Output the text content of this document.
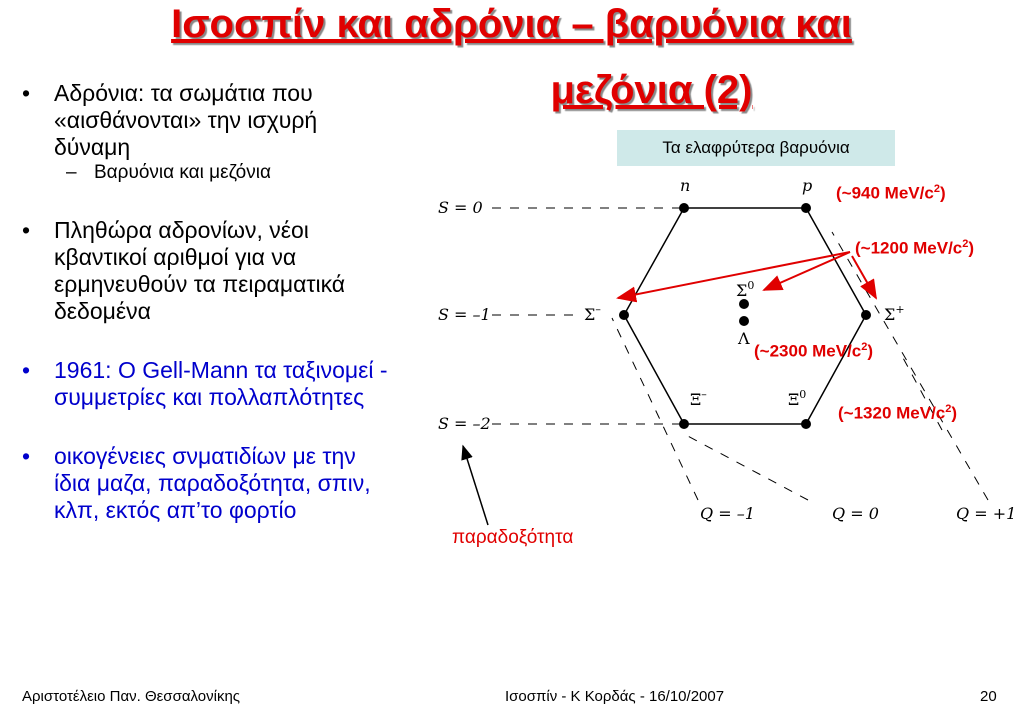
Ισοσπίν και αδρόνια – βαρυόνια και
μεζόνια (2)
• Αδρόνια: τα σωμάτια που «αισθάνονται» την ισχυρή δύναμη
– Βαρυόνια και μεζόνια
• Πληθώρα αδρονίων, νέοι κβαντικοί αριθμοί για να ερμηνευθούν τα πειραματικά δεδομένα
• 1961: Ο Gell-Mann τα ταξινομεί - συμμετρίες και πολλαπλότητες
• οικογένειες σνματιδίων με την ίδια μαζα, παραδοξότητα, σπιν, κλπ, εκτός απ’το φορτίο
Τα ελαφρύτερα βαρυόνια
S = 0
S = –1
S = –2
Q = –1	Q = 0	Q = +1
n	p
Σ–
$\Sigma^0$
Σ+
Λ
Ξ–	$\Xi^0$
(~940 MeV/$c^2$)
(~1200 MeV/$c^2$)
(~2300 MeV/$c^2$)
(~1320 MeV/$c^2$)
παραδοξότητα
Αριστοτέλειο Παν. Θεσσαλονίκης	Ισοσπίν - Κ Κορδάς - 16/10/2007	20
